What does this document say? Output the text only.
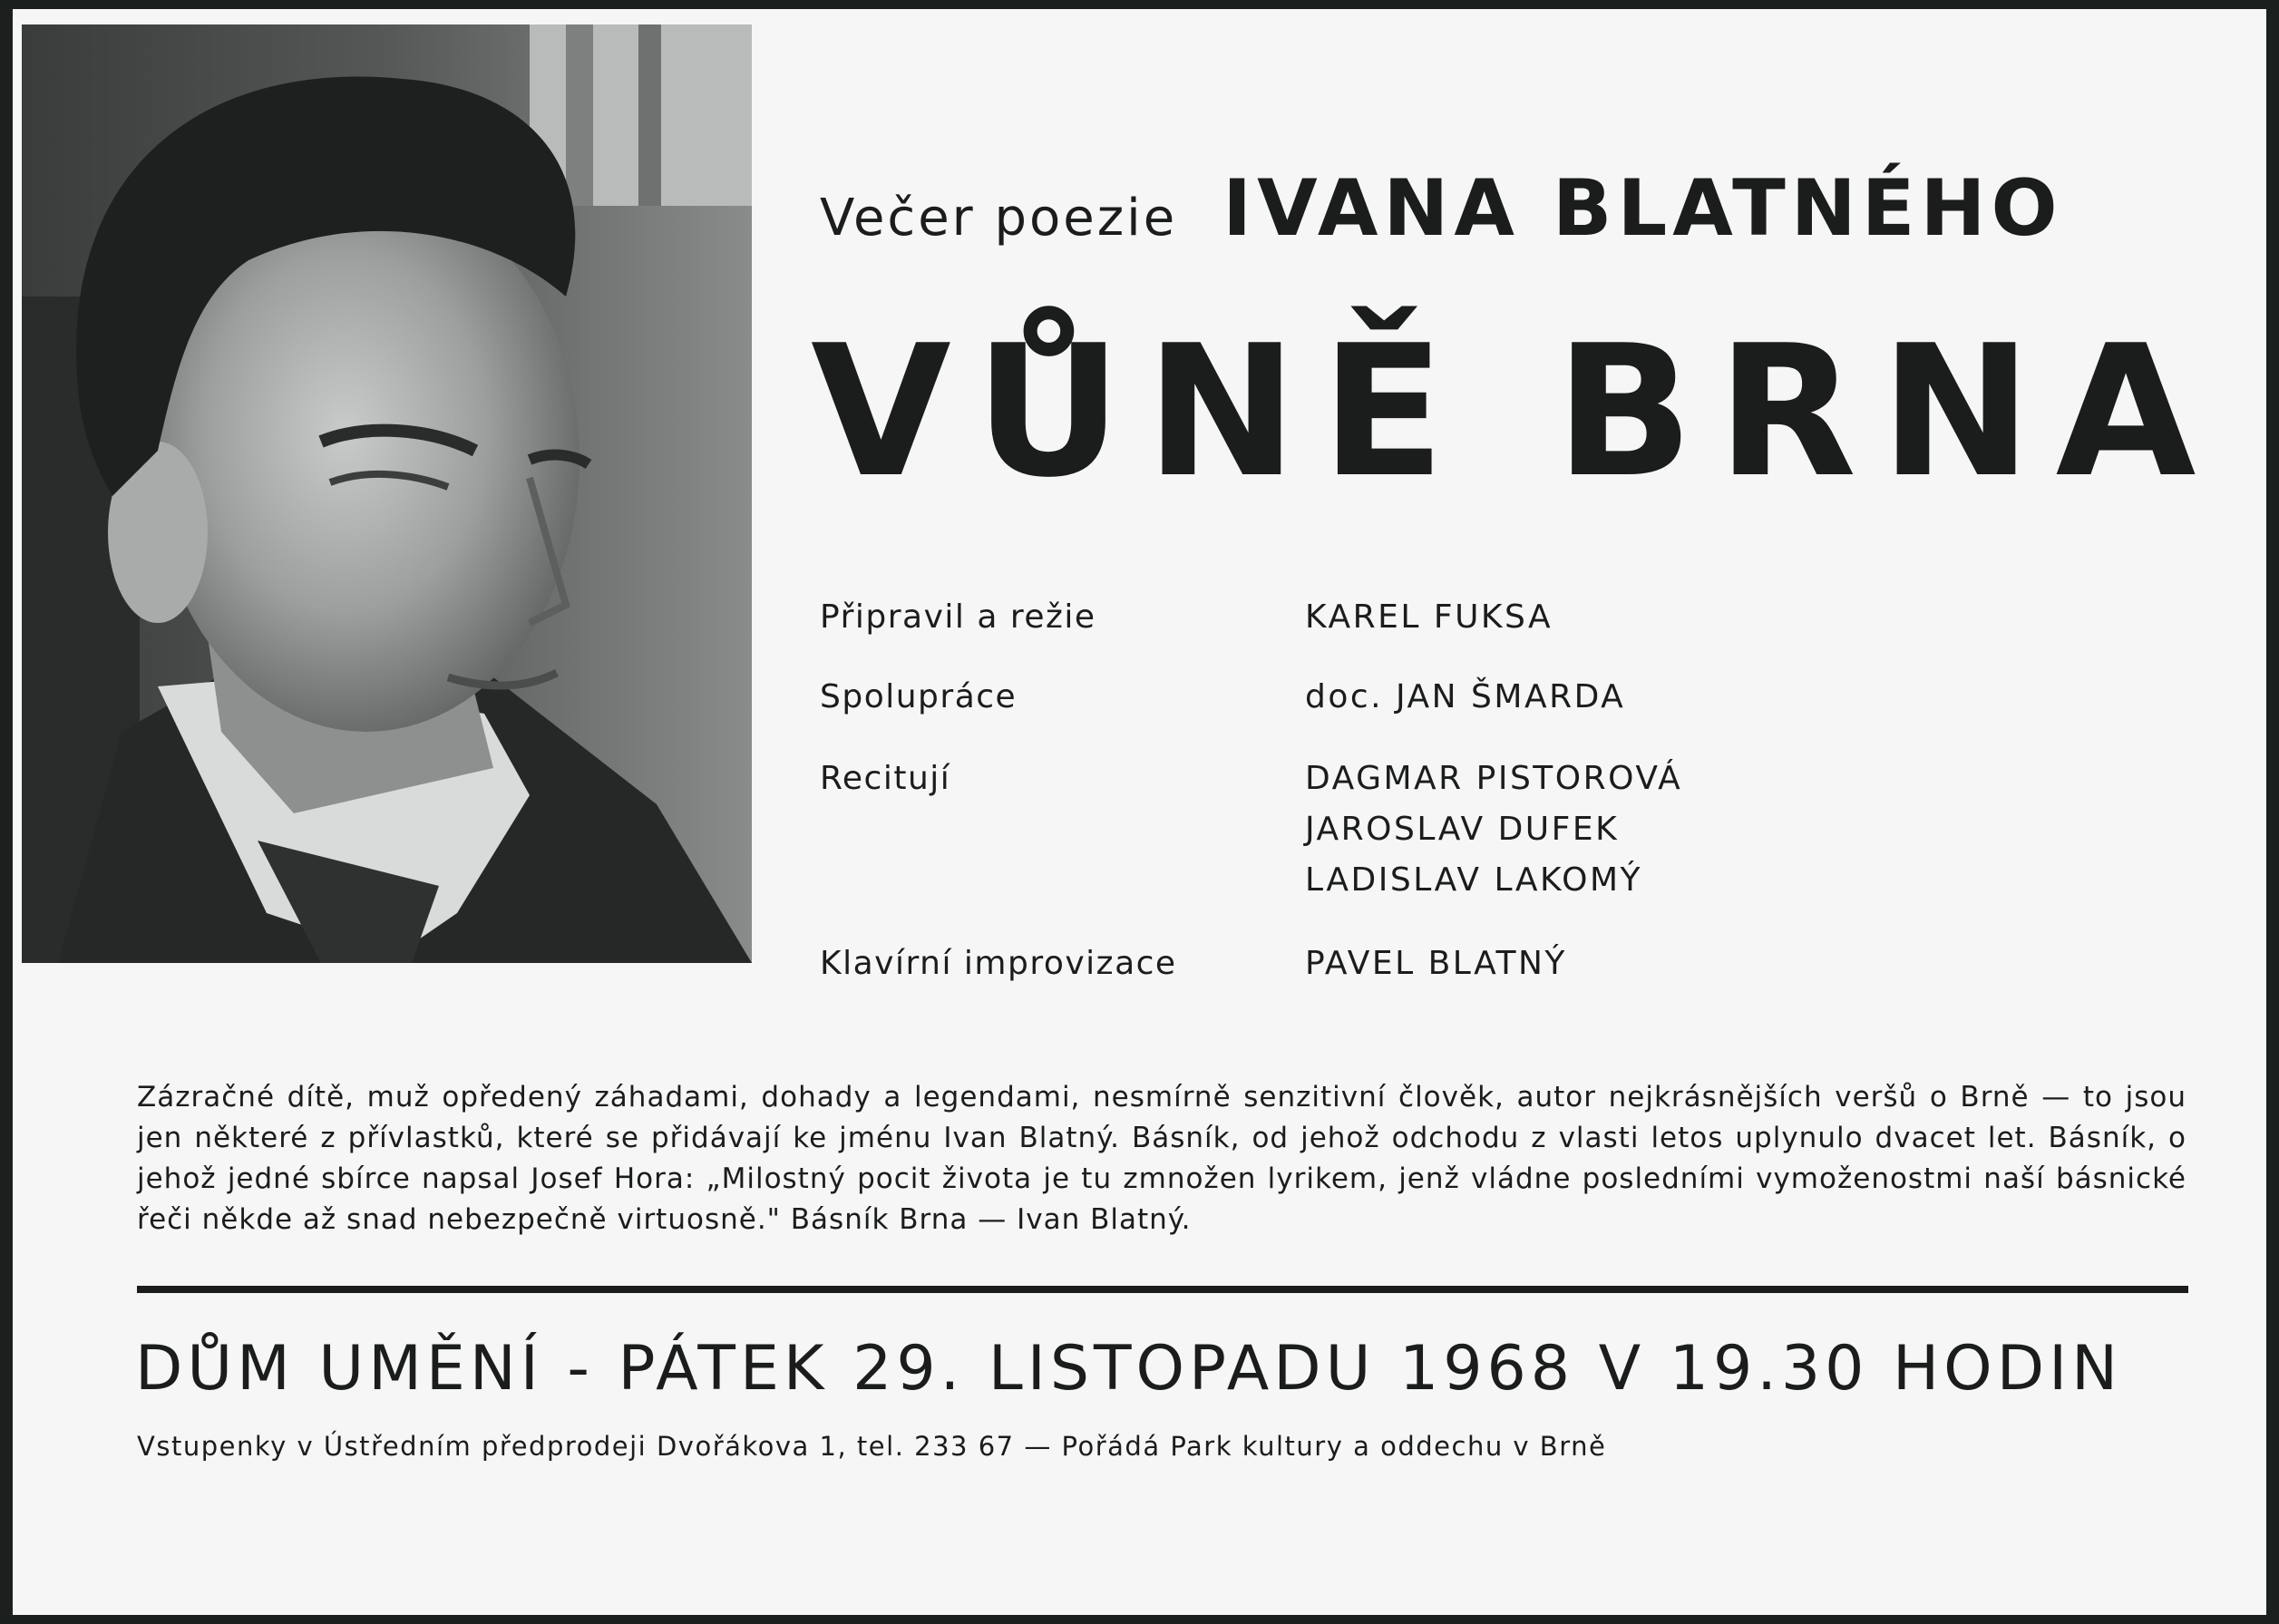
Večer poezie IVANA BLATNÉHO
VŮNĚ BRNA
Připravil a režie	KAREL FUKSA
Spolupráce	doc. JAN ŠMARDA
Recitují	DAGMAR PISTOROVÁ
JAROSLAV DUFEK
LADISLAV LAKOMÝ
Klavírní improvizace	PAVEL BLATNÝ
Zázračné dítě, muž opředený záhadami, dohady a legendami, nesmírně senzitivní člověk, autor nejkrásnějších veršů o Brně — to jsou jen některé z přívlastků, které se přidávají ke jménu Ivan Blatný. Básník, od jehož odchodu z vlasti letos uplynulo dvacet let. Básník, o jehož jedné sbírce napsal Josef Hora: „Milostný pocit života je tu zmnožen lyrikem, jenž vládne posledními vymoženostmi naší básnické řeči někde až snad nebezpečně virtuosně." Básník Brna — Ivan Blatný.
DŮM UMĚNÍ - PÁTEK 29. LISTOPADU 1968 V 19.30 HODIN
Vstupenky v Ústředním předprodeji Dvořákova 1, tel. 233 67 — Pořádá Park kultury a oddechu v Brně
